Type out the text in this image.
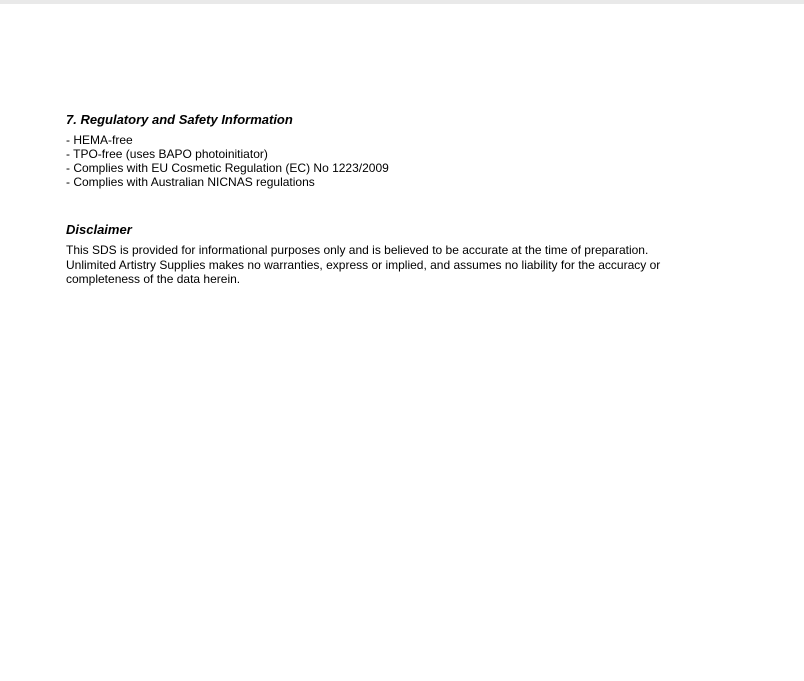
7. Regulatory and Safety Information
- HEMA-free
- TPO-free (uses BAPO photoinitiator)
- Complies with EU Cosmetic Regulation (EC) No 1223/2009
- Complies with Australian NICNAS regulations
Disclaimer

This SDS is provided for informational purposes only and is believed to be accurate at the time of preparation. Unlimited Artistry Supplies makes no warranties, express or implied, and assumes no liability for the accuracy or completeness of the data herein.
